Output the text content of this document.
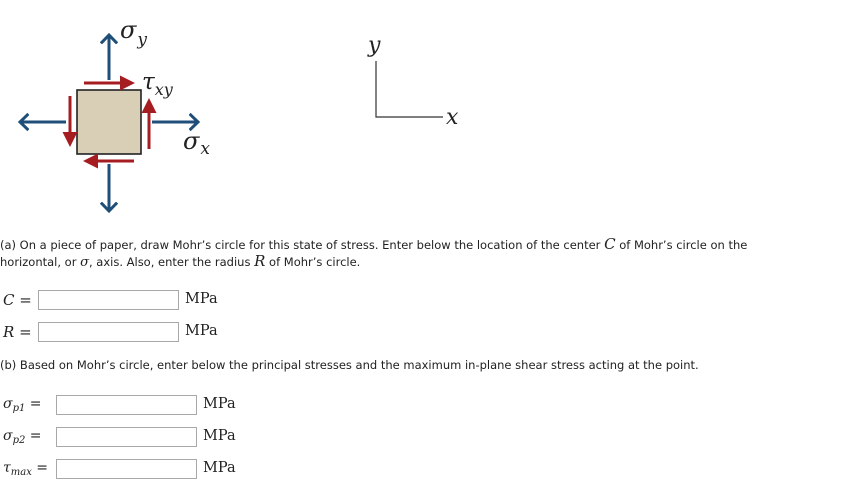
$\sigma_y$
$\tau_{xy}$
$\sigma_x$
y
x

(a) On a piece of paper, draw Mohr’s circle for this state of stress. Enter below the location of the center C of Mohr’s circle on the
horizontal, or σ, axis. Also, enter the radius R of Mohr’s circle.

C =	MPa
R =	MPa

(b) Based on Mohr’s circle, enter below the principal stresses and the maximum in-plane shear stress acting at the point.

$\sigma_{p1}$ =	MPa
$\sigma_{p2}$ =	MPa
$\tau_{max}$ =	MPa
